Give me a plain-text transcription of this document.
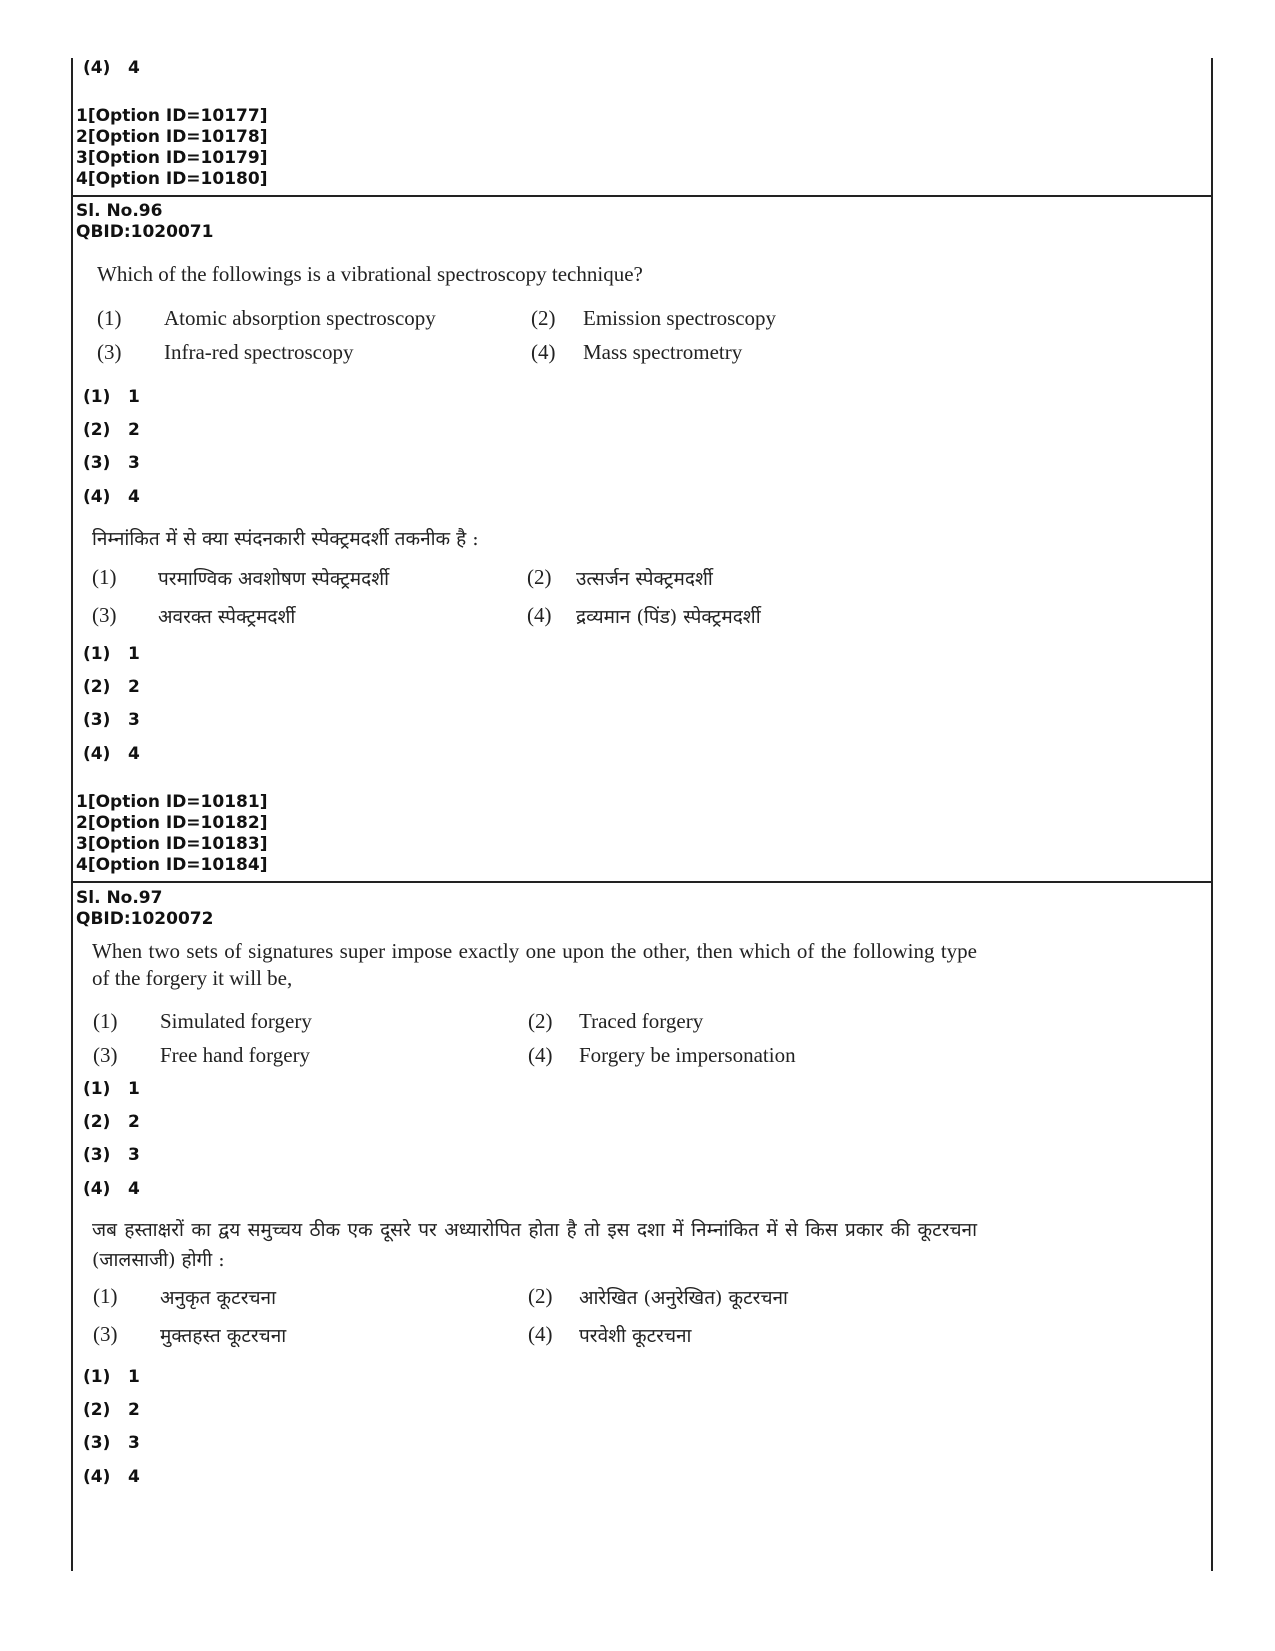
(4) 4
1[Option ID=10177]
2[Option ID=10178]
3[Option ID=10179]
4[Option ID=10180]
Sl. No.96
QBID:1020071
Which of the followings is a vibrational spectroscopy technique?
(1) Atomic absorption spectroscopy	(2) Emission spectroscopy
(3) Infra-red spectroscopy	(4) Mass spectrometry
(1) 1
(2) 2
(3) 3
(4) 4
निम्नांकित में से क्या स्पंदनकारी स्पेक्ट्रमदर्शी तकनीक है :
(1) परमाण्विक अवशोषण स्पेक्ट्रमदर्शी	(2) उत्सर्जन स्पेक्ट्रमदर्शी
(3) अवरक्त स्पेक्ट्रमदर्शी	(4) द्रव्यमान (पिंड) स्पेक्ट्रमदर्शी
(1) 1
(2) 2
(3) 3
(4) 4
1[Option ID=10181]
2[Option ID=10182]
3[Option ID=10183]
4[Option ID=10184]
Sl. No.97
QBID:1020072
When two sets of signatures super impose exactly one upon the other, then which of the following type of the forgery it will be,
(1) Simulated forgery	(2) Traced forgery
(3) Free hand forgery	(4) Forgery be impersonation
(1) 1
(2) 2
(3) 3
(4) 4
जब हस्ताक्षरों का द्वय समुच्चय ठीक एक दूसरे पर अध्यारोपित होता है तो इस दशा में निम्नांकित में से किस प्रकार की कूटरचना (जालसाजी) होगी :
(1) अनुकृत कूटरचना	(2) आरेखित (अनुरेखित) कूटरचना
(3) मुक्तहस्त कूटरचना	(4) परवेशी कूटरचना
(1) 1
(2) 2
(3) 3
(4) 4
